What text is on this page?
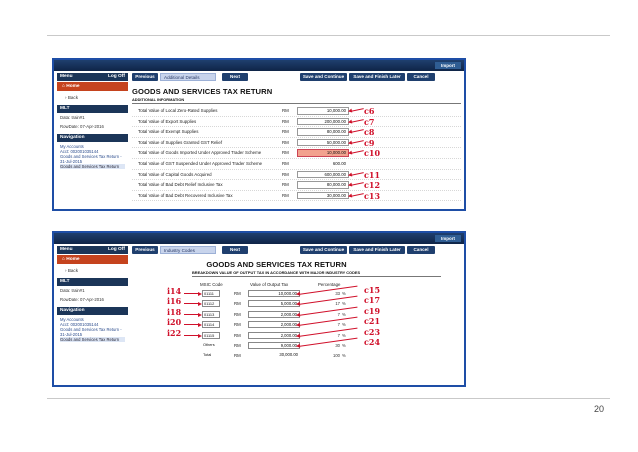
Import
Menu	Log Off
⌂ Home
› Back
MLT
Data: train#1
RowDate: 07-Apr-2016
Navigation
My Accounts
Acct: 002001035144
Goods and Services Tax Return -
31-Jul-2015
Goods and Services Tax Return
Previous	Additional Details	Next	Save and Continue	Save and Finish Later	Cancel
GOODS AND SERVICES TAX RETURN
ADDITIONAL INFORMATION
Total Value of Local Zero-Rated Supplies	RM	10,000.00	c6
Total Value of Export Supplies	RM	200,000.00	c7
Total Value of Exempt Supplies	RM	80,000.00	c8
Total Value of Supplies Granted GST Relief	RM	50,000.00	c9
Total Value of Goods Imported Under Approved Trader Scheme	RM	10,000.00	c10
Total Value of GST Suspended Under Approved Trader Scheme	RM	600.00
Total Value of Capital Goods Acquired	RM	600,000.00	c11
Total Value of Bad Debt Relief Inclusive Tax	RM	80,000.00	c12
Total Value of Bad Debt Recovered Inclusive Tax	RM	30,000.00	c13
Import
Menu	Log Off
⌂ Home
› Back
MLT
Data: train#1
RowDate: 07-Apr-2016
Navigation
My Accounts
Acct: 002001035144
Goods and Services Tax Return -
31-Jul-2015
Goods and Services Tax Return
Previous	Industry Codes	Next	Save and Continue	Save and Finish Later	Cancel
GOODS AND SERVICES TAX RETURN
BREAKDOWN VALUE OF OUTPUT TAX IN ACCORDANCE WITH MAJOR INDUSTRY CODES
MSIC Code	Value of Output Tax	Percentage
01111	RM	10,000.00	33 %
i14	c15
01112	RM	5,000.00	17 %
i16	c17
01113	RM	2,000.00	7 %
i18	c19
01114	RM	2,000.00	7 %
i20	c21
01115	RM	2,000.00	7 %
i22	c23
Others	RM	9,000.00	30 % c24
Total	RM	30,000.00	100 %
20
